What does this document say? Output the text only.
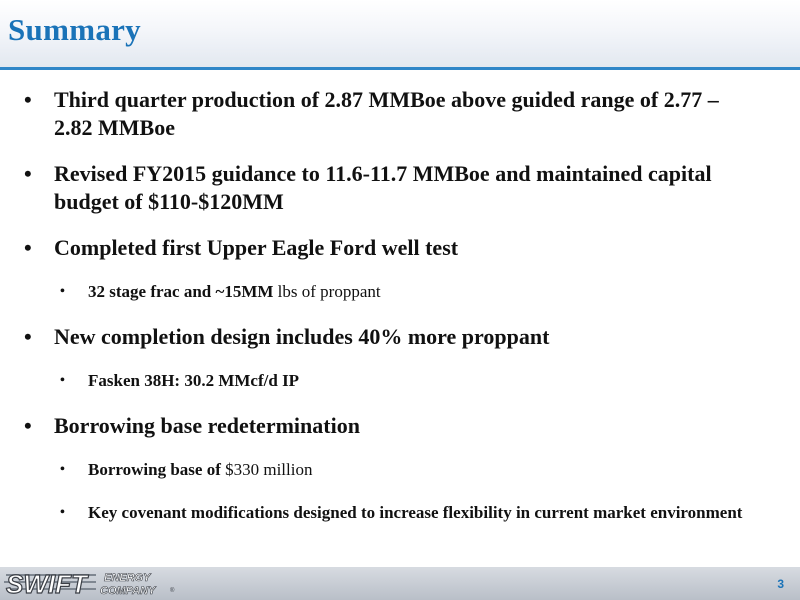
Summary
• Third quarter production of 2.87 MMBoe above guided range of 2.77 – 2.82 MMBoe
• Revised FY2015 guidance to 11.6-11.7 MMBoe and maintained capital budget of $110-$120MM
• Completed first Upper Eagle Ford well test
• 32 stage frac and ~15MM lbs of proppant
• New completion design includes 40% more proppant
• Fasken 38H: 30.2 MMcf/d IP
• Borrowing base redetermination
• Borrowing base of $330 million
• Key covenant modifications designed to increase flexibility in current market environment
SWIFT ENERGY
COMPANY ®	3
